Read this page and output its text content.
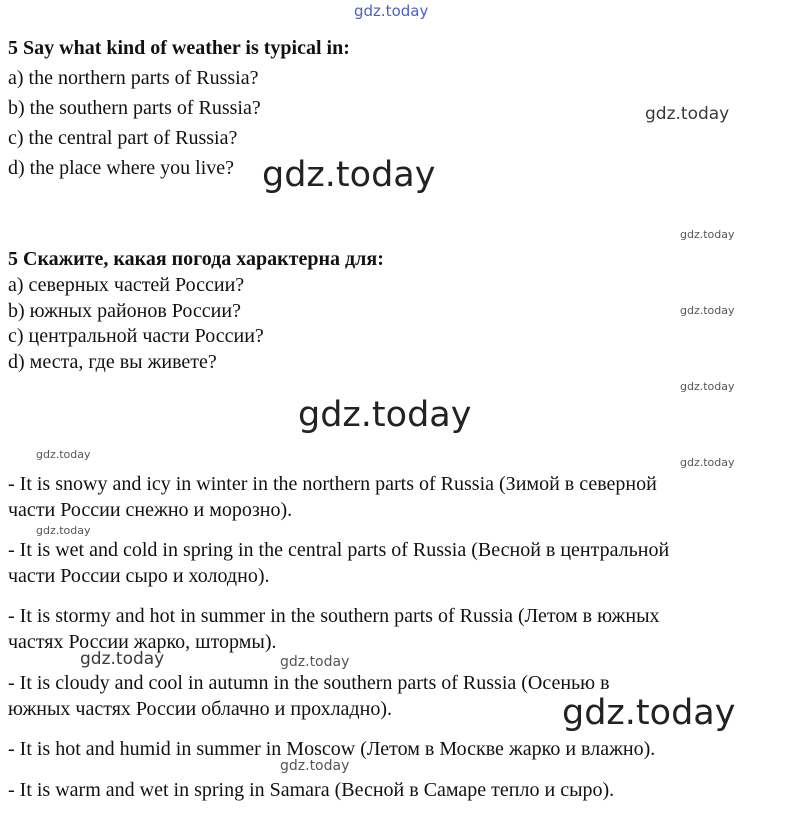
gdz.today
gdz.today
gdz.today
gdz.today
gdz.today
gdz.today
gdz.today
gdz.today
gdz.today
gdz.today
gdz.today	gdz.today
gdz.today
gdz.today
5 Say what kind of weather is typical in:
a) the northern parts of Russia?
b) the southern parts of Russia?
c) the central part of Russia?
d) the place where you live?
5 Скажите, какая погода характерна для:
а) северных частей России?
b) южных районов России?
с) центральной части России?
d) места, где вы живете?
- It is snowy and icy in winter in the northern parts of Russia (Зимой в северной
части России снежно и морозно).
- It is wet and cold in spring in the central parts of Russia (Весной в центральной
части России сыро и холодно).
- It is stormy and hot in summer in the southern parts of Russia (Летом в южных
частях России жарко, штормы).
- It is cloudy and cool in autumn in the southern parts of Russia (Осенью в
южных частях России облачно и прохладно).
- It is hot and humid in summer in Moscow (Летом в Москве жарко и влажно).
- It is warm and wet in spring in Samara (Весной в Самаре тепло и сыро).
